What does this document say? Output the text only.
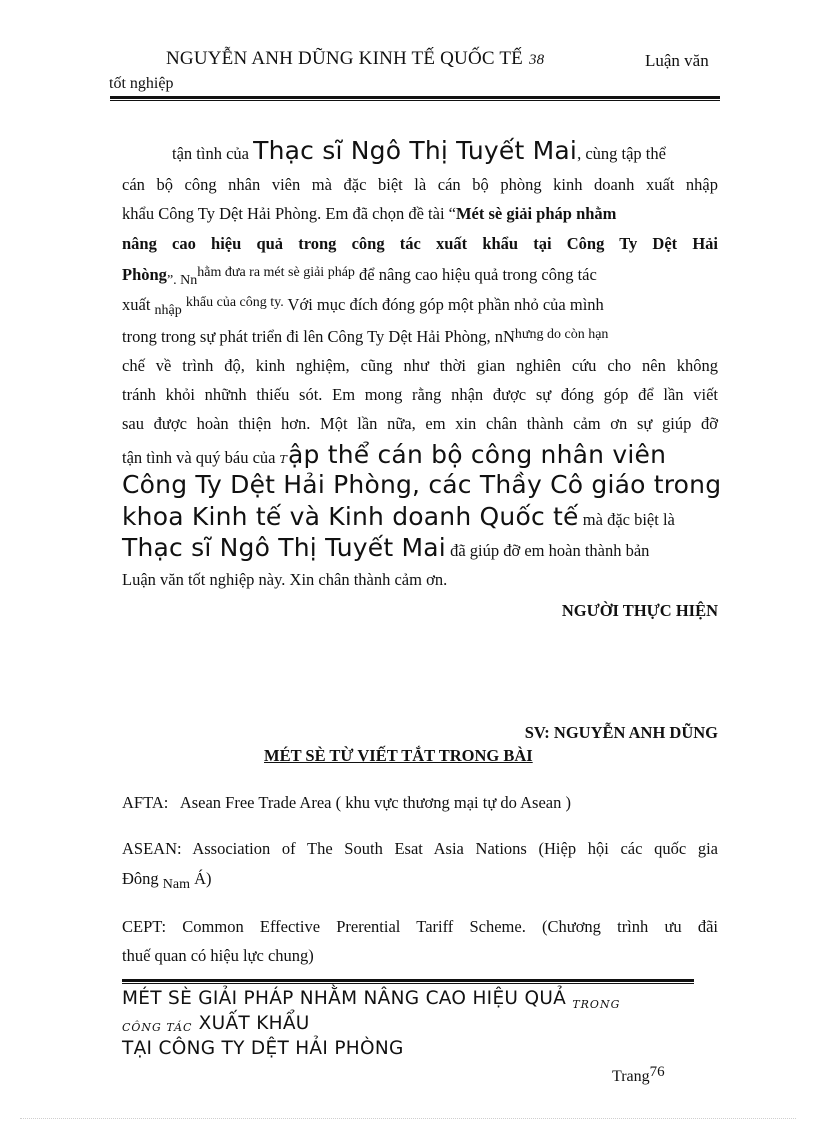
NGUYỄN ANH DŨNG KINH TẾ QUỐC TẾ 38	Luận văn
tốt nghiệp
tận tình của Thạc sĩ Ngô Thị Tuyết Mai, cùng tập thể
cán bộ công nhân viên mà đặc biệt là cán bộ phòng kinh doanh xuất nhập
khẩu Công Ty Dệt Hải Phòng. Em đã chọn đề tài “Mét sè giải pháp nhằm
nâng cao hiệu quả trong công tác xuất khẩu tại Công Ty Dệt Hải
Phòng$_{”. Nn}^{hằm đưa ra mét sè giải pháp}$ để nâng cao hiệu quả trong công tác
xuất $_{nhập}$ $^{khẩu của công ty.}$ Với mục đích đóng góp một phần nhỏ của mình
trong trong sự phát triển đi lên Công Ty Dệt Hải Phòng, $nN^{hưng do còn hạn}$
chế về trình độ, kinh nghiệm, cũng như thời gian nghiên cứu cho nên không
tránh khỏi nhữnh thiếu sót. Em mong rằng nhận được sự đóng góp để lần viết
sau được hoàn thiện hơn. Một lần nữa, em xin chân thành cảm ơn sự giúp đỡ
tận tình và quý báu của Tập thể cán bộ công nhân viên
Công Ty Dệt Hải Phòng, các Thầy Cô giáo trong
khoa Kinh tế và Kinh doanh Quốc tế mà đặc biệt là
Thạc sĩ Ngô Thị Tuyết Mai đã giúp đỡ em hoàn thành bản
Luận văn tốt nghiệp này. Xin chân thành cảm ơn.
NGƯỜI THỰC HIỆN
SV: NGUYỄN ANH DŨNG
MÉT SÈ TỪ VIẾT TẮT TRONG BÀI
AFTA:   Asean Free Trade Area ( khu vực thương mại tự do Asean )
ASEAN: Association of The South Esat Asia Nations (Hiệp hội các quốc gia
Đông $_{Nam}$ Á)
CEPT: Common Effective Prerential Tariff Scheme. (Chương trình ưu đãi
thuế quan có hiệu lực chung)
MÉT SÈ GIẢI PHÁP NHẰM NÂNG CAO HIỆU QUẢ $_{TRONG}$
CÔNG TÁC XUẤT KHẨU
TẠI CÔNG TY DỆT HẢI PHÒNG
Trang76
